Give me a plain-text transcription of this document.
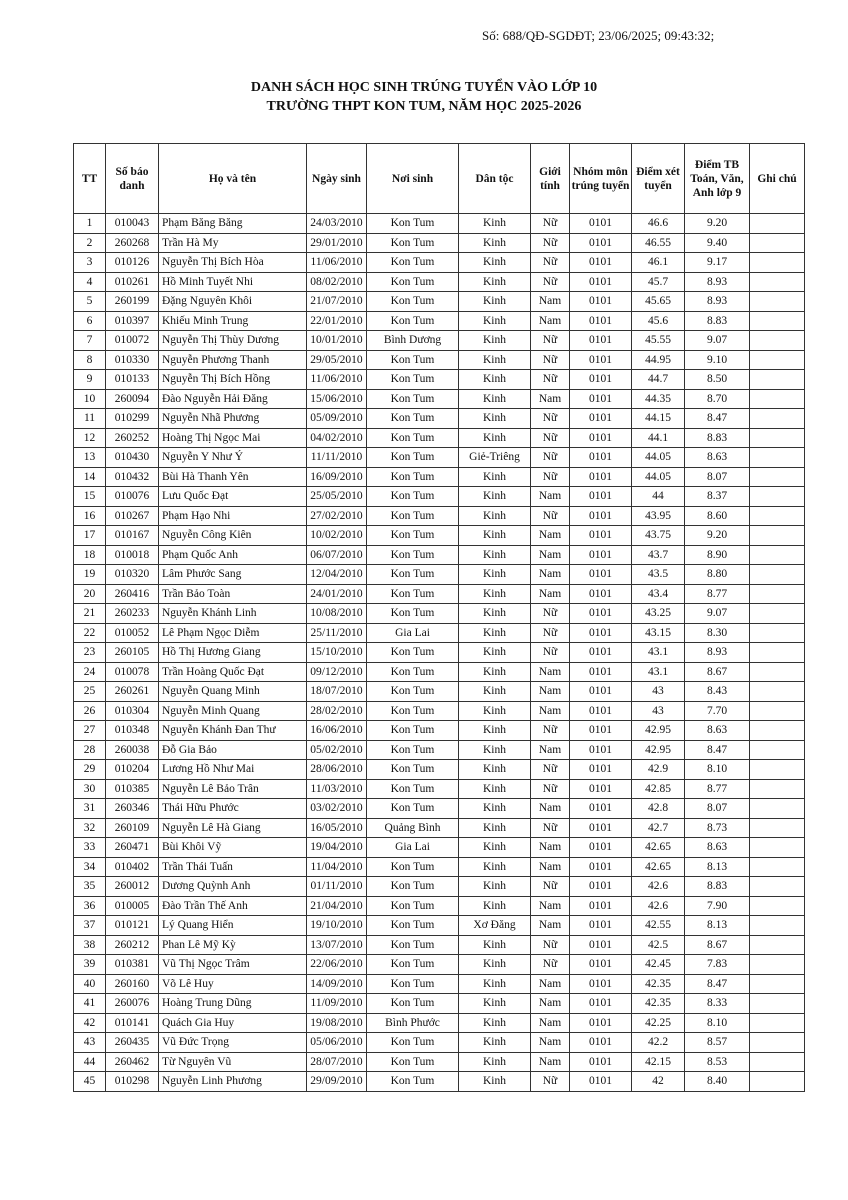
Số: 688/QĐ-SGDĐT; 23/06/2025; 09:43:32;
DANH SÁCH HỌC SINH TRÚNG TUYỂN VÀO LỚP 10
TRƯỜNG THPT KON TUM, NĂM HỌC 2025-2026
TT	Số báo danh	Họ và tên	Ngày sinh	Nơi sinh	Dân tộc	Giới tính	Nhóm môn trúng tuyển	Điểm xét tuyển	Điểm TB Toán, Văn, Anh lớp 9	Ghi chú
1	010043	Phạm Băng Băng	24/03/2010	Kon Tum	Kinh	Nữ	0101	46.6	9.20	
2	260268	Trần Hà My	29/01/2010	Kon Tum	Kinh	Nữ	0101	46.55	9.40	
3	010126	Nguyễn Thị Bích Hòa	11/06/2010	Kon Tum	Kinh	Nữ	0101	46.1	9.17	
4	010261	Hồ Minh Tuyết Nhi	08/02/2010	Kon Tum	Kinh	Nữ	0101	45.7	8.93	
5	260199	Đặng Nguyên Khôi	21/07/2010	Kon Tum	Kinh	Nam	0101	45.65	8.93	
6	010397	Khiếu Minh Trung	22/01/2010	Kon Tum	Kinh	Nam	0101	45.6	8.83	
7	010072	Nguyễn Thị Thùy Dương	10/01/2010	Bình Dương	Kinh	Nữ	0101	45.55	9.07	
8	010330	Nguyễn Phương Thanh	29/05/2010	Kon Tum	Kinh	Nữ	0101	44.95	9.10	
9	010133	Nguyễn Thị Bích Hồng	11/06/2010	Kon Tum	Kinh	Nữ	0101	44.7	8.50	
10	260094	Đào Nguyễn Hải Đăng	15/06/2010	Kon Tum	Kinh	Nam	0101	44.35	8.70	
11	010299	Nguyễn Nhã Phương	05/09/2010	Kon Tum	Kinh	Nữ	0101	44.15	8.47	
12	260252	Hoàng Thị Ngọc Mai	04/02/2010	Kon Tum	Kinh	Nữ	0101	44.1	8.83	
13	010430	Nguyễn Y Như Ý	11/11/2010	Kon Tum	Giẻ-Triêng	Nữ	0101	44.05	8.63	
14	010432	Bùi Hà Thanh Yên	16/09/2010	Kon Tum	Kinh	Nữ	0101	44.05	8.07	
15	010076	Lưu Quốc Đạt	25/05/2010	Kon Tum	Kinh	Nam	0101	44	8.37	
16	010267	Phạm Hạo Nhi	27/02/2010	Kon Tum	Kinh	Nữ	0101	43.95	8.60	
17	010167	Nguyễn Công Kiên	10/02/2010	Kon Tum	Kinh	Nam	0101	43.75	9.20	
18	010018	Phạm Quốc Anh	06/07/2010	Kon Tum	Kinh	Nam	0101	43.7	8.90	
19	010320	Lâm Phước Sang	12/04/2010	Kon Tum	Kinh	Nam	0101	43.5	8.80	
20	260416	Trần Bảo Toàn	24/01/2010	Kon Tum	Kinh	Nam	0101	43.4	8.77	
21	260233	Nguyễn Khánh Linh	10/08/2010	Kon Tum	Kinh	Nữ	0101	43.25	9.07	
22	010052	Lê Phạm Ngọc Diễm	25/11/2010	Gia Lai	Kinh	Nữ	0101	43.15	8.30	
23	260105	Hồ Thị Hương Giang	15/10/2010	Kon Tum	Kinh	Nữ	0101	43.1	8.93	
24	010078	Trần Hoàng Quốc Đạt	09/12/2010	Kon Tum	Kinh	Nam	0101	43.1	8.67	
25	260261	Nguyễn Quang Minh	18/07/2010	Kon Tum	Kinh	Nam	0101	43	8.43	
26	010304	Nguyễn Minh Quang	28/02/2010	Kon Tum	Kinh	Nam	0101	43	7.70	
27	010348	Nguyễn Khánh Đan Thư	16/06/2010	Kon Tum	Kinh	Nữ	0101	42.95	8.63	
28	260038	Đỗ Gia Bảo	05/02/2010	Kon Tum	Kinh	Nam	0101	42.95	8.47	
29	010204	Lương Hồ Như Mai	28/06/2010	Kon Tum	Kinh	Nữ	0101	42.9	8.10	
30	010385	Nguyễn Lê Bảo Trân	11/03/2010	Kon Tum	Kinh	Nữ	0101	42.85	8.77	
31	260346	Thái Hữu Phước	03/02/2010	Kon Tum	Kinh	Nam	0101	42.8	8.07	
32	260109	Nguyễn Lê Hà Giang	16/05/2010	Quảng Bình	Kinh	Nữ	0101	42.7	8.73	
33	260471	Bùi Khôi Vỹ	19/04/2010	Gia Lai	Kinh	Nam	0101	42.65	8.63	
34	010402	Trần Thái Tuấn	11/04/2010	Kon Tum	Kinh	Nam	0101	42.65	8.13	
35	260012	Dương Quỳnh Anh	01/11/2010	Kon Tum	Kinh	Nữ	0101	42.6	8.83	
36	010005	Đào Trần Thế Anh	21/04/2010	Kon Tum	Kinh	Nam	0101	42.6	7.90	
37	010121	Lý Quang Hiển	19/10/2010	Kon Tum	Xơ Đăng	Nam	0101	42.55	8.13	
38	260212	Phan Lê Mỹ Kỳ	13/07/2010	Kon Tum	Kinh	Nữ	0101	42.5	8.67	
39	010381	Vũ Thị Ngọc Trâm	22/06/2010	Kon Tum	Kinh	Nữ	0101	42.45	7.83	
40	260160	Võ Lê Huy	14/09/2010	Kon Tum	Kinh	Nam	0101	42.35	8.47	
41	260076	Hoàng Trung Dũng	11/09/2010	Kon Tum	Kinh	Nam	0101	42.35	8.33	
42	010141	Quách Gia Huy	19/08/2010	Bình Phước	Kinh	Nam	0101	42.25	8.10	
43	260435	Vũ Đức Trọng	05/06/2010	Kon Tum	Kinh	Nam	0101	42.2	8.57	
44	260462	Từ Nguyên Vũ	28/07/2010	Kon Tum	Kinh	Nam	0101	42.15	8.53	
45	010298	Nguyễn Linh Phương	29/09/2010	Kon Tum	Kinh	Nữ	0101	42	8.40	
